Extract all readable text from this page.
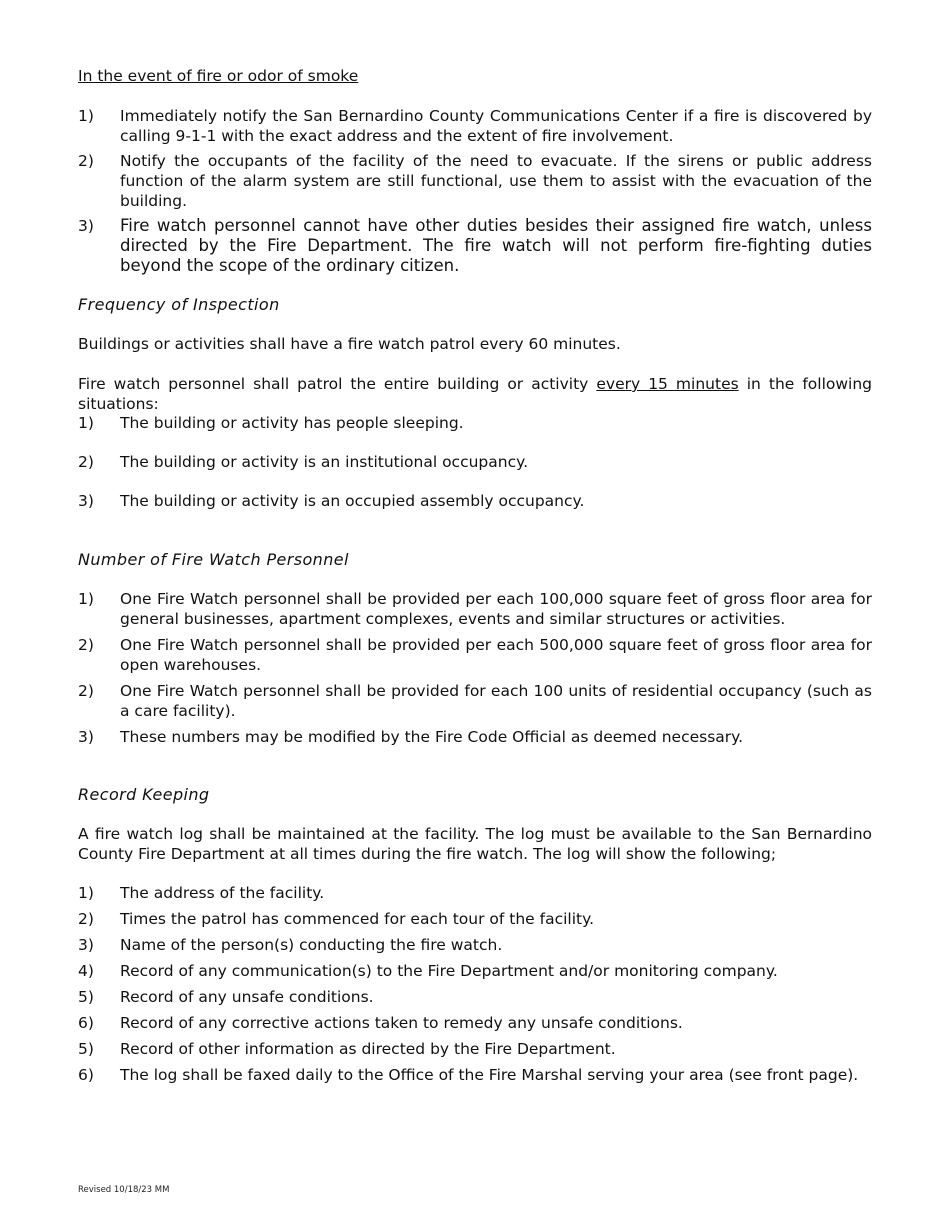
In the event of fire or odor of smoke
1) Immediately notify the San Bernardino County Communications Center if a fire is discovered by calling 9-1-1 with the exact address and the extent of fire involvement.
2) Notify the occupants of the facility of the need to evacuate. If the sirens or public address function of the alarm system are still functional, use them to assist with the evacuation of the building.
3) Fire watch personnel cannot have other duties besides their assigned fire watch, unless directed by the Fire Department. The fire watch will not perform fire-fighting duties beyond the scope of the ordinary citizen.
Frequency of Inspection
Buildings or activities shall have a fire watch patrol every 60 minutes.
Fire watch personnel shall patrol the entire building or activity every 15 minutes in the following situations:
1) The building or activity has people sleeping.
2) The building or activity is an institutional occupancy.
3) The building or activity is an occupied assembly occupancy.
Number of Fire Watch Personnel
1) One Fire Watch personnel shall be provided per each 100,000 square feet of gross floor area for general businesses, apartment complexes, events and similar structures or activities.
2) One Fire Watch personnel shall be provided per each 500,000 square feet of gross floor area for open warehouses.
2) One Fire Watch personnel shall be provided for each 100 units of residential occupancy (such as a care facility).
3) These numbers may be modified by the Fire Code Official as deemed necessary.
Record Keeping
A fire watch log shall be maintained at the facility. The log must be available to the San Bernardino County Fire Department at all times during the fire watch. The log will show the following;
1) The address of the facility.
2) Times the patrol has commenced for each tour of the facility.
3) Name of the person(s) conducting the fire watch.
4) Record of any communication(s) to the Fire Department and/or monitoring company.
5) Record of any unsafe conditions.
6) Record of any corrective actions taken to remedy any unsafe conditions.
5) Record of other information as directed by the Fire Department.
6) The log shall be faxed daily to the Office of the Fire Marshal serving your area (see front page).
Revised 10/18/23 MM
